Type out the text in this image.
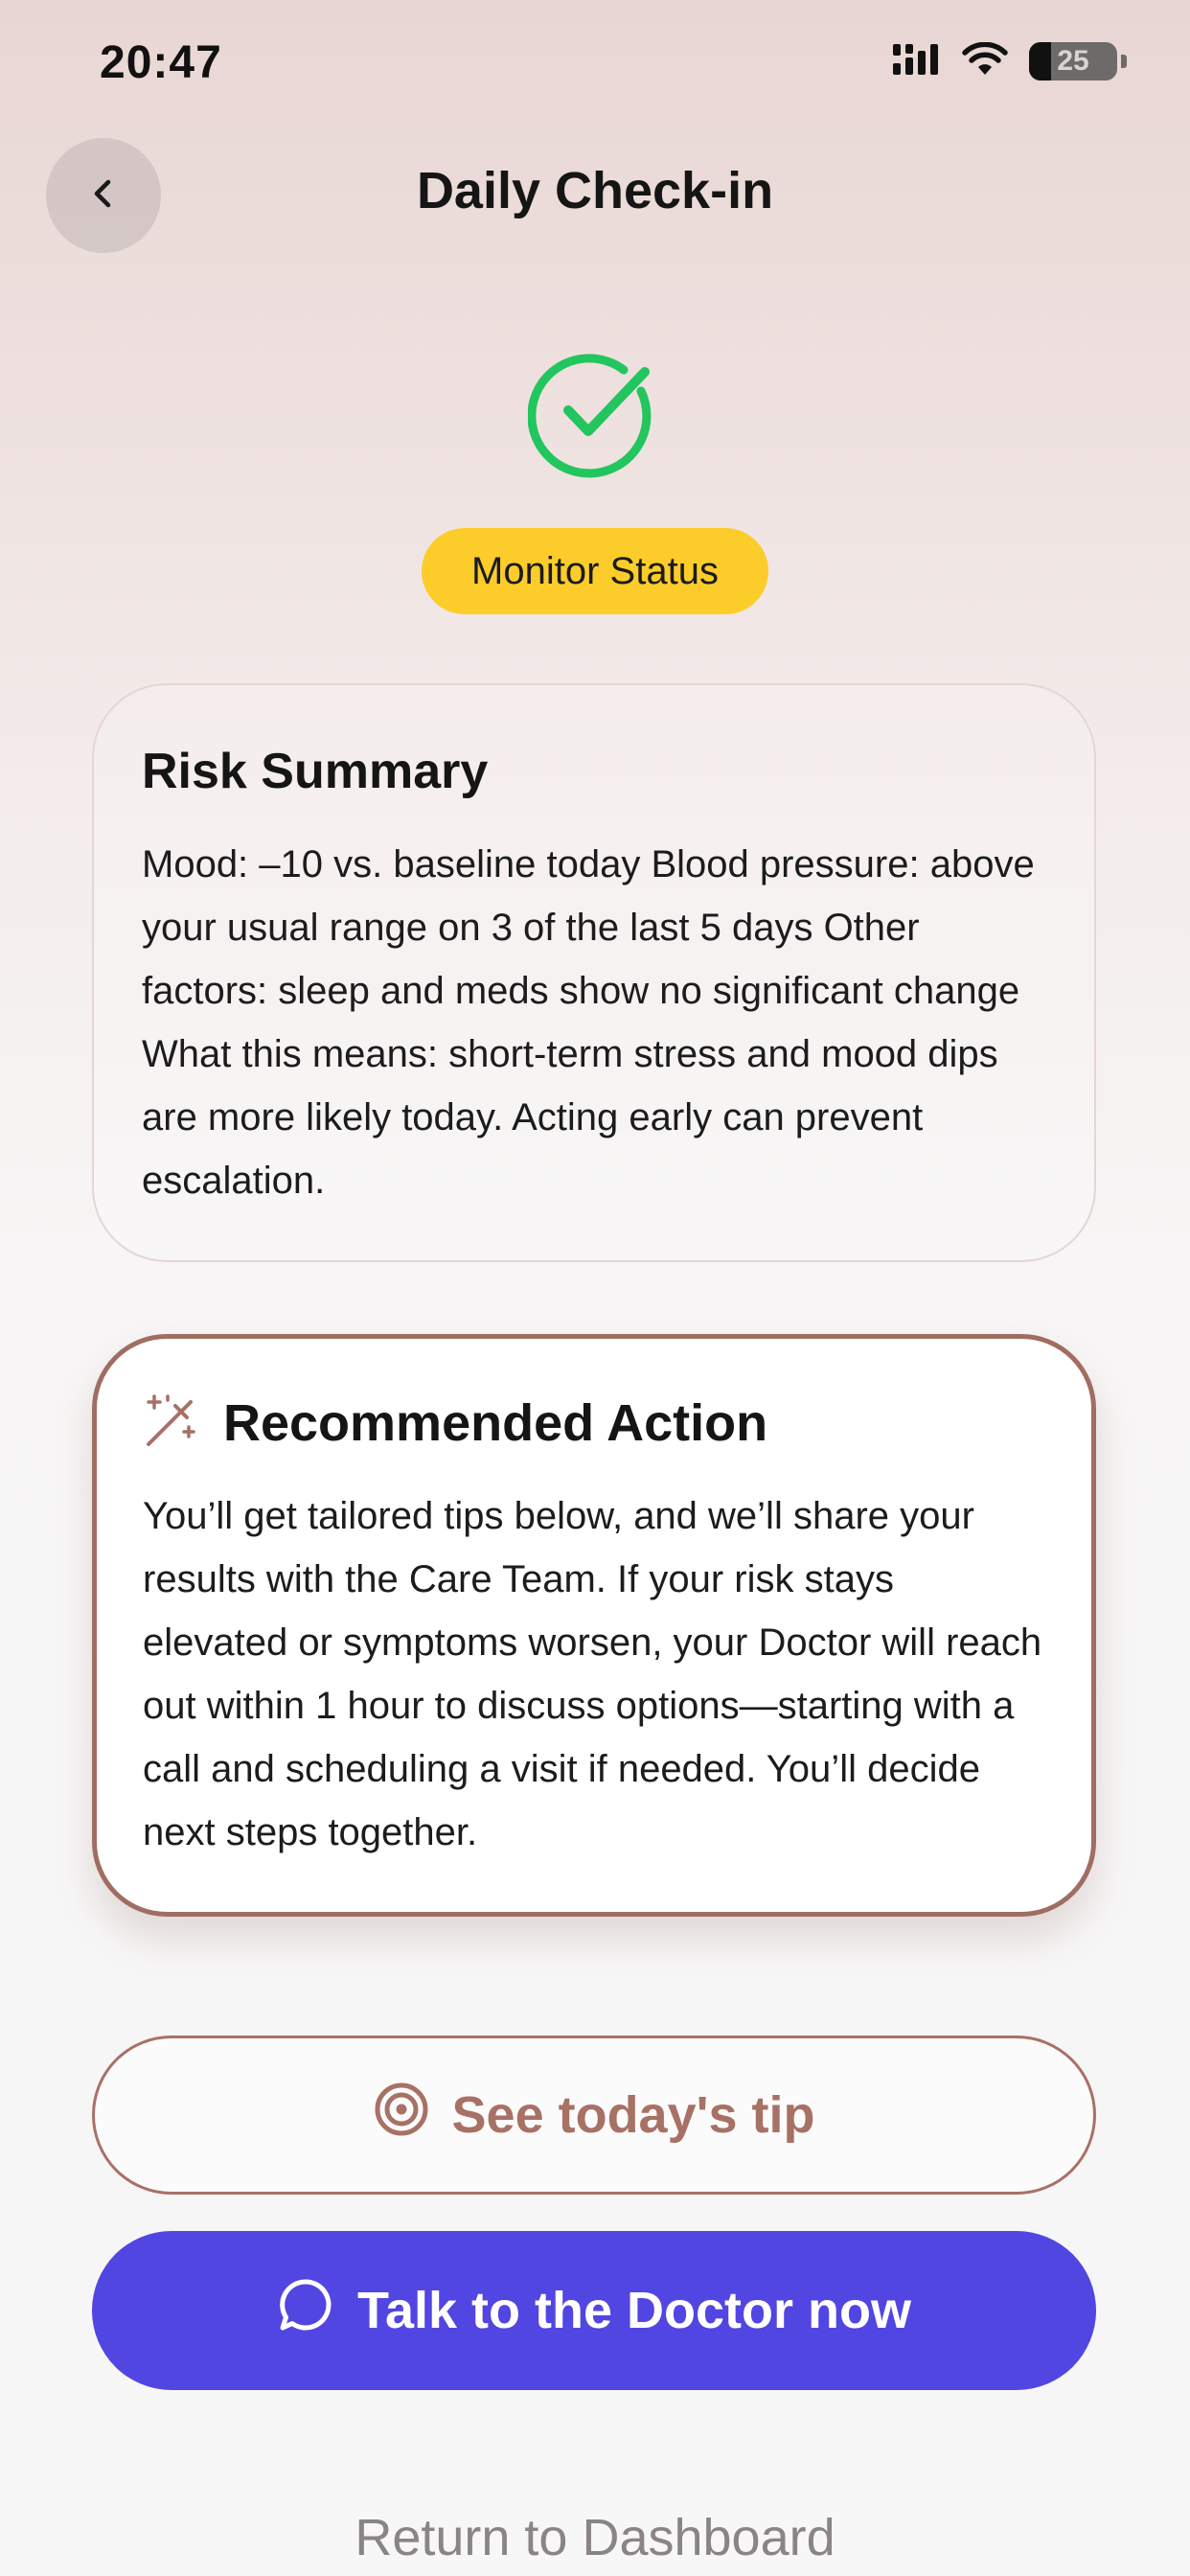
20:47	25
Daily Check-in
Monitor Status
Risk Summary
Mood: –10 vs. baseline today Blood pressure: above your usual range on 3 of the last 5 days Other factors: sleep and meds show no significant change What this means: short-term stress and mood dips are more likely today. Acting early can prevent escalation.
Recommended Action
You’ll get tailored tips below, and we’ll share your results with the Care Team. If your risk stays elevated or symptoms worsen, your Doctor will reach out within 1 hour to discuss options—starting with a call and scheduling a visit if needed. You’ll decide next steps together.
See today's tip
Talk to the Doctor now
Return to Dashboard
